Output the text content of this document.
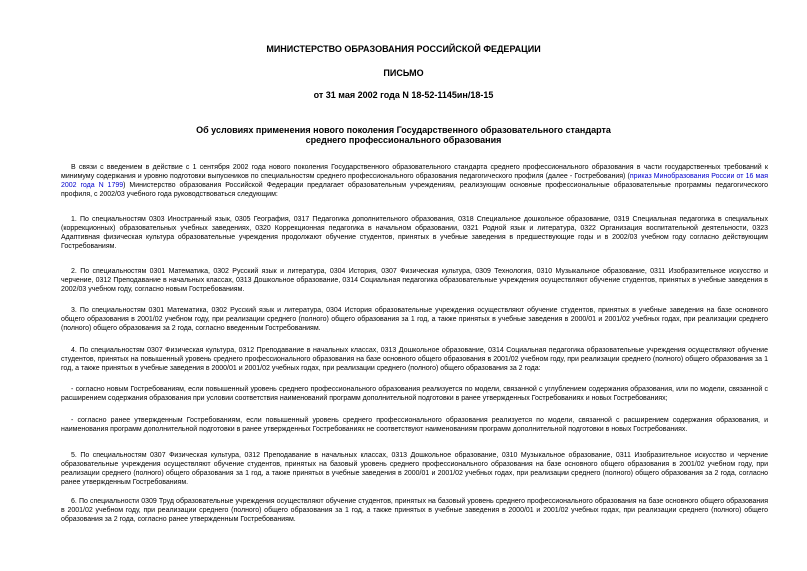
МИНИСТЕРСТВО ОБРАЗОВАНИЯ РОССИЙСКОЙ ФЕДЕРАЦИИ
ПИСЬМО
от 31 мая 2002 года N 18-52-1145ин/18-15
Об условиях применения нового поколения Государственного образовательного стандарта
среднего профессионального образования
В связи с введением в действие с 1 сентября 2002 года нового поколения Государственного образовательного стандарта среднего профессионального образования в части государственных требований к минимуму содержания и уровню подготовки выпускников по специальностям среднего профессионального образования педагогического профиля (далее - Гостребования) (приказ Минобразования России от 16 мая 2002 года N 1799) Министерство образования Российской Федерации предлагает образовательным учреждениям, реализующим основные профессиональные образовательные программы педагогического профиля, с 2002/03 учебного года руководствоваться следующим:
1. По специальностям 0303 Иностранный язык, 0305 География, 0317 Педагогика дополнительного образования, 0318 Специальное дошкольное образование, 0319 Специальная педагогика в специальных (коррекционных) образовательных учебных заведениях, 0320 Коррекционная педагогика в начальном образовании, 0321 Родной язык и литература, 0322 Организация воспитательной деятельности, 0323 Адаптивная физическая культура образовательные учреждения продолжают обучение студентов, принятых в учебные заведения в предшествующие годы и в 2002/03 учебном году согласно действующим Гостребованиям.
2. По специальностям 0301 Математика, 0302 Русский язык и литература, 0304 История, 0307 Физическая культура, 0309 Технология, 0310 Музыкальное образование, 0311 Изобразительное искусство и черчение, 0312 Преподавание в начальных классах, 0313 Дошкольное образование, 0314 Социальная педагогика образовательные учреждения осуществляют обучение студентов, принятых в учебные заведения в 2002/03 учебном году, согласно новым Гостребованиям.
3. По специальностям 0301 Математика, 0302 Русский язык и литература, 0304 История образовательные учреждения осуществляют обучение студентов, принятых в учебные заведения на базе основного общего образования в 2001/02 учебном году, при реализации среднего (полного) общего образования за 1 год, а также принятых в учебные заведения в 2000/01 и 2001/02 учебных годах, при реализации среднего (полного) общего образования за 2 года, согласно введенным Гостребованиям.
4. По специальностям 0307 Физическая культура, 0312 Преподавание в начальных классах, 0313 Дошкольное образование, 0314 Социальная педагогика образовательные учреждения осуществляют обучение студентов, принятых на повышенный уровень среднего профессионального образования на базе основного общего образования в 2001/02 учебном году, при реализации среднего (полного) общего образования за 1 год, а также принятых в учебные заведения в 2000/01 и 2001/02 учебных годах, при реализации среднего (полного) общего образования за 2 года:
- согласно новым Гостребованиям, если повышенный уровень среднего профессионального образования реализуется по модели, связанной с углублением содержания образования, или по модели, связанной с расширением содержания образования при условии соответствия наименований программ дополнительной подготовки в ранее утвержденных Гостребованиях и новых Гостребованиях;
- согласно ранее утвержденным Гостребованиям, если повышенный уровень среднего профессионального образования реализуется по модели, связанной с расширением содержания образования, и наименования программ дополнительной подготовки в ранее утвержденных Гостребованиях не соответствуют наименованиям программ дополнительной подготовки в новых Гостребованиях.
5. По специальностям 0307 Физическая культура, 0312 Преподавание в начальных классах, 0313 Дошкольное образование, 0310 Музыкальное образование, 0311 Изобразительное искусство и черчение образовательные учреждения осуществляют обучение студентов, принятых на базовый уровень среднего профессионального образования на базе основного общего образования в 2001/02 учебном году, при реализации среднего (полного) общего образования за 1 год, а также принятых в учебные заведения в 2000/01 и 2001/02 учебных годах, при реализации среднего (полного) общего образования за 2 года, согласно ранее утвержденным Гостребованиям.
6. По специальности 0309 Труд образовательные учреждения осуществляют обучение студентов, принятых на базовый уровень среднего профессионального образования на базе основного общего образования в 2001/02 учебном году, при реализации среднего (полного) общего образования за 1 год, а также принятых в учебные заведения в 2000/01 и 2001/02 учебных годах, при реализации среднего (полного) общего образования за 2 года, согласно ранее утвержденным Гостребованиям.
